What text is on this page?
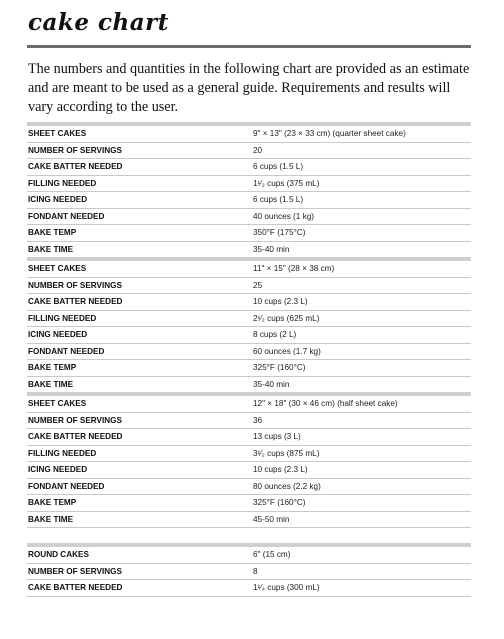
cake chart

The numbers and quantities in the following chart are provided as an estimate and are meant to be used as a general guide. Requirements and results will vary according to the user.

SHEET CAKES	9" × 13" (23 × 33 cm) (quarter sheet cake)
NUMBER OF SERVINGS	20
CAKE BATTER NEEDED	6 cups (1.5 L)
FILLING NEEDED	1¹⁄₂ cups (375 mL)
ICING NEEDED	6 cups (1.5 L)
FONDANT NEEDED	40 ounces (1 kg)
BAKE TEMP	350°F (175°C)
BAKE TIME	35-40 min
SHEET CAKES	11" × 15" (28 × 38 cm)
NUMBER OF SERVINGS	25
CAKE BATTER NEEDED	10 cups (2.3 L)
FILLING NEEDED	2¹⁄₂ cups (625 mL)
ICING NEEDED	8 cups (2 L)
FONDANT NEEDED	60 ounces (1.7 kg)
BAKE TEMP	325°F (160°C)
BAKE TIME	35-40 min
SHEET CAKES	12" × 18" (30 × 46 cm) (half sheet cake)
NUMBER OF SERVINGS	36
CAKE BATTER NEEDED	13 cups (3 L)
FILLING NEEDED	3¹⁄₂ cups (875 mL)
ICING NEEDED	10 cups (2.3 L)
FONDANT NEEDED	80 ounces (2.2 kg)
BAKE TEMP	325°F (160°C)
BAKE TIME	45-50 min

ROUND CAKES	6" (15 cm)
NUMBER OF SERVINGS	8
CAKE BATTER NEEDED	1¹⁄₄ cups (300 mL)
